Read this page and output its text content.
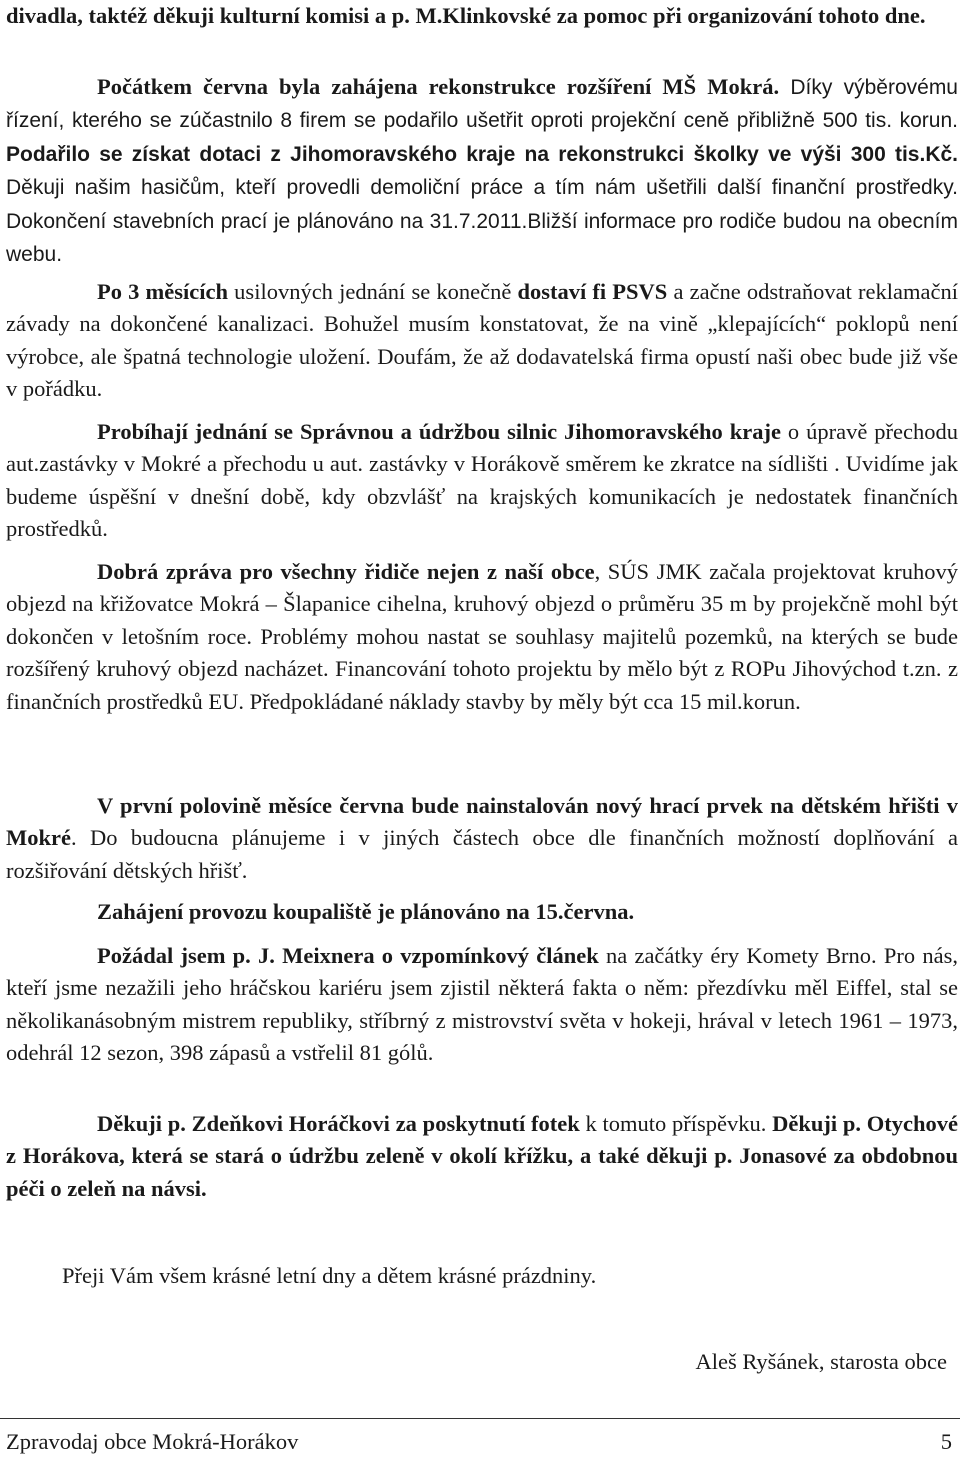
divadla, taktéž děkuji kulturní komisi a p. M.Klinkovské za pomoc při organizování tohoto dne.

Počátkem června byla zahájena rekonstrukce rozšíření MŠ Mokrá. Díky výběrovému řízení, kterého se zúčastnilo 8 firem se podařilo ušetřit oproti projekční ceně přibližně 500 tis. korun. Podařilo se získat dotaci z Jihomoravského kraje na rekonstrukci školky ve výši 300 tis.Kč. Děkuji našim hasičům, kteří provedli demoliční práce a tím nám ušetřili další finanční prostředky. Dokončení stavebních prací je plánováno na 31.7.2011.Bližší informace pro rodiče budou na obecním webu.

Po 3 měsících usilovných jednání se konečně dostaví fi PSVS a začne odstraňovat reklamační závady na dokončené kanalizaci. Bohužel musím konstatovat, že na vině „klepajících“ poklopů není výrobce, ale špatná technologie uložení. Doufám, že až dodavatelská firma opustí naši obec bude již vše v pořádku.

Probíhají jednání se Správnou a údržbou silnic Jihomoravského kraje o úpravě přechodu aut.zastávky v Mokré a přechodu u aut. zastávky v Horákově směrem ke zkratce na sídlišti . Uvidíme jak budeme úspěšní v dnešní době, kdy obzvlášť na krajských komunikacích je nedostatek finančních prostředků.

Dobrá zpráva pro všechny řidiče nejen z naší obce, SÚS JMK začala projektovat kruhový objezd na křižovatce Mokrá – Šlapanice cihelna, kruhový objezd o průměru 35 m by projekčně mohl být dokončen v letošním roce. Problémy mohou nastat se souhlasy majitelů pozemků, na kterých se bude rozšířený kruhový objezd nacházet. Financování tohoto projektu by mělo být z ROPu Jihovýchod t.zn. z finančních prostředků EU. Předpokládané náklady stavby by měly být cca 15 mil.korun.

V první polovině měsíce června bude nainstalován nový hrací prvek na dětském hřišti v Mokré. Do budoucna plánujeme i v jiných částech obce dle finančních možností doplňování a rozšiřování dětských hřišť.

Zahájení provozu koupaliště je plánováno na 15.června.

Požádal jsem p. J. Meixnera o vzpomínkový článek na začátky éry Komety Brno. Pro nás, kteří jsme nezažili jeho hráčskou kariéru jsem zjistil některá fakta o něm: přezdívku měl Eiffel, stal se několikanásobným mistrem republiky, stříbrný z mistrovství světa v hokeji, hrával v letech 1961 – 1973, odehrál 12 sezon, 398 zápasů a vstřelil 81 gólů.

Děkuji p. Zdeňkovi Horáčkovi za poskytnutí fotek k tomuto příspěvku. Děkuji p. Otychové z Horákova, která se stará o údržbu zeleně v okolí křížku, a také děkuji p. Jonasové za obdobnou péči o zeleň na návsi.

Přeji Vám všem krásné letní dny a dětem krásné prázdniny.
Aleš Ryšánek, starosta obce
Zpravodaj obce Mokrá-Horákov	5
